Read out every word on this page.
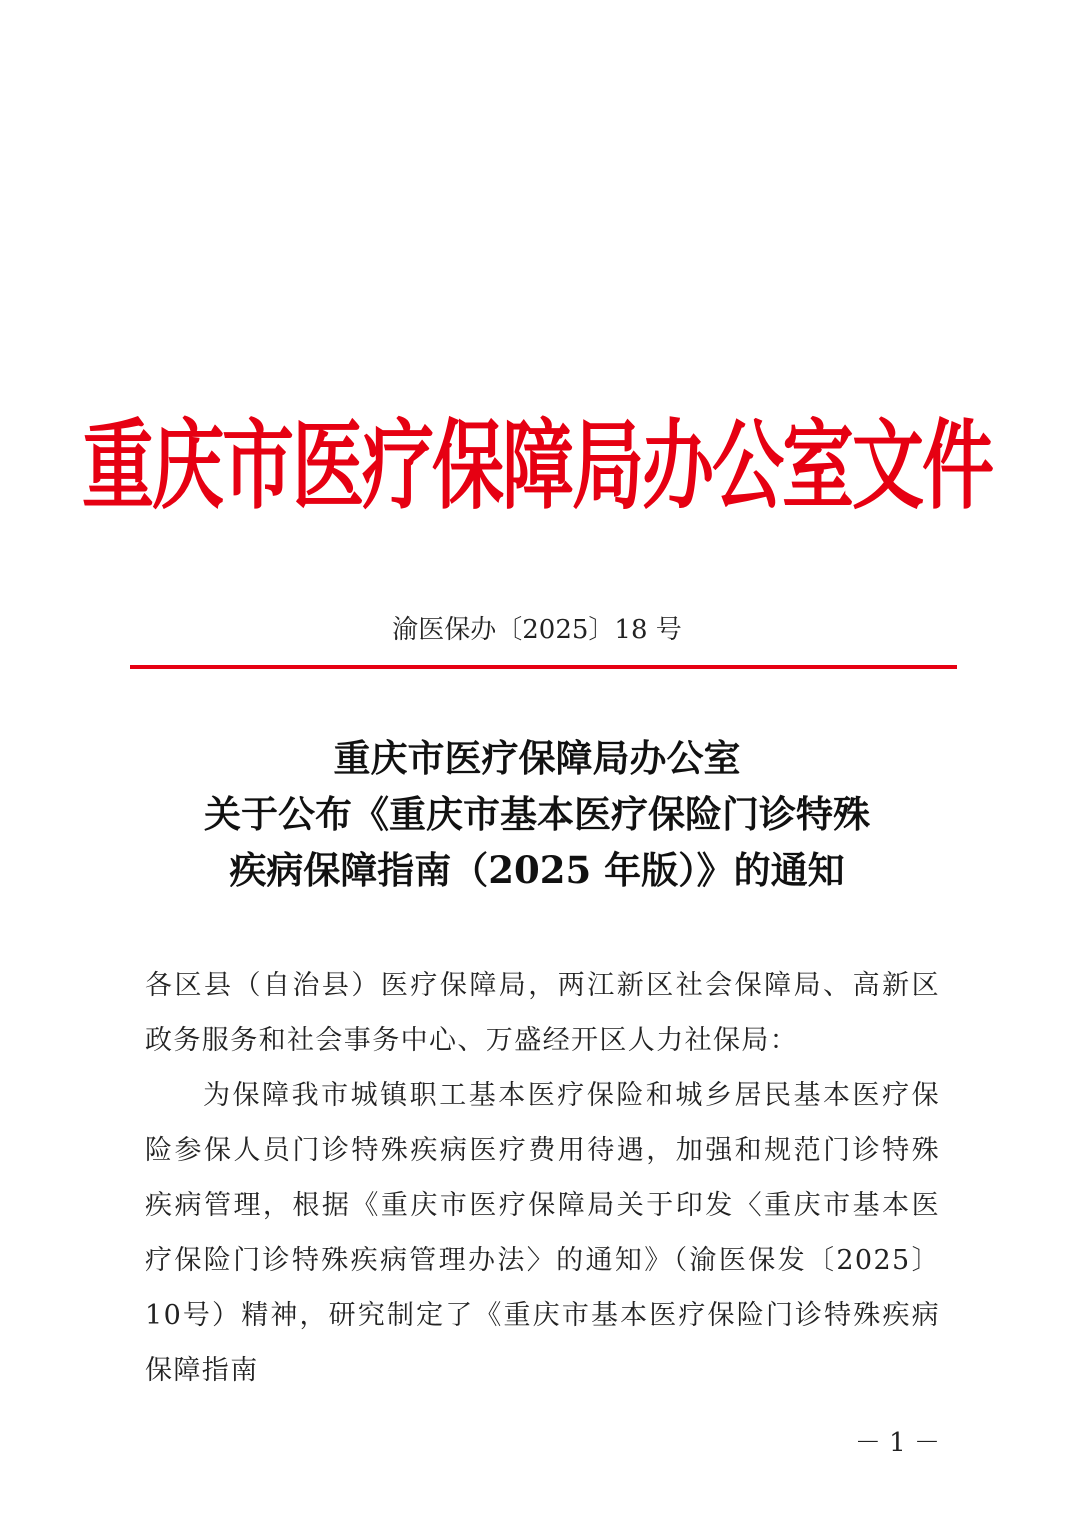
重庆市医疗保障局办公室文件
渝医保办〔2025〕18 号
重庆市医疗保障局办公室
关于公布《重庆市基本医疗保险门诊特殊
疾病保障指南（2025 年版）》的通知

各区县（自治县）医疗保障局，两江新区社会保障局、高新区政务服务和社会事务中心、万盛经开区人力社保局：

为保障我市城镇职工基本医疗保险和城乡居民基本医疗保险参保人员门诊特殊疾病医疗费用待遇，加强和规范门诊特殊疾病管理，根据《重庆市医疗保障局关于印发〈重庆市基本医疗保险门诊特殊疾病管理办法〉的通知》（渝医保发〔2025〕10号）精神，研究制定了《重庆市基本医疗保险门诊特殊疾病保障指南

－ 1 －
